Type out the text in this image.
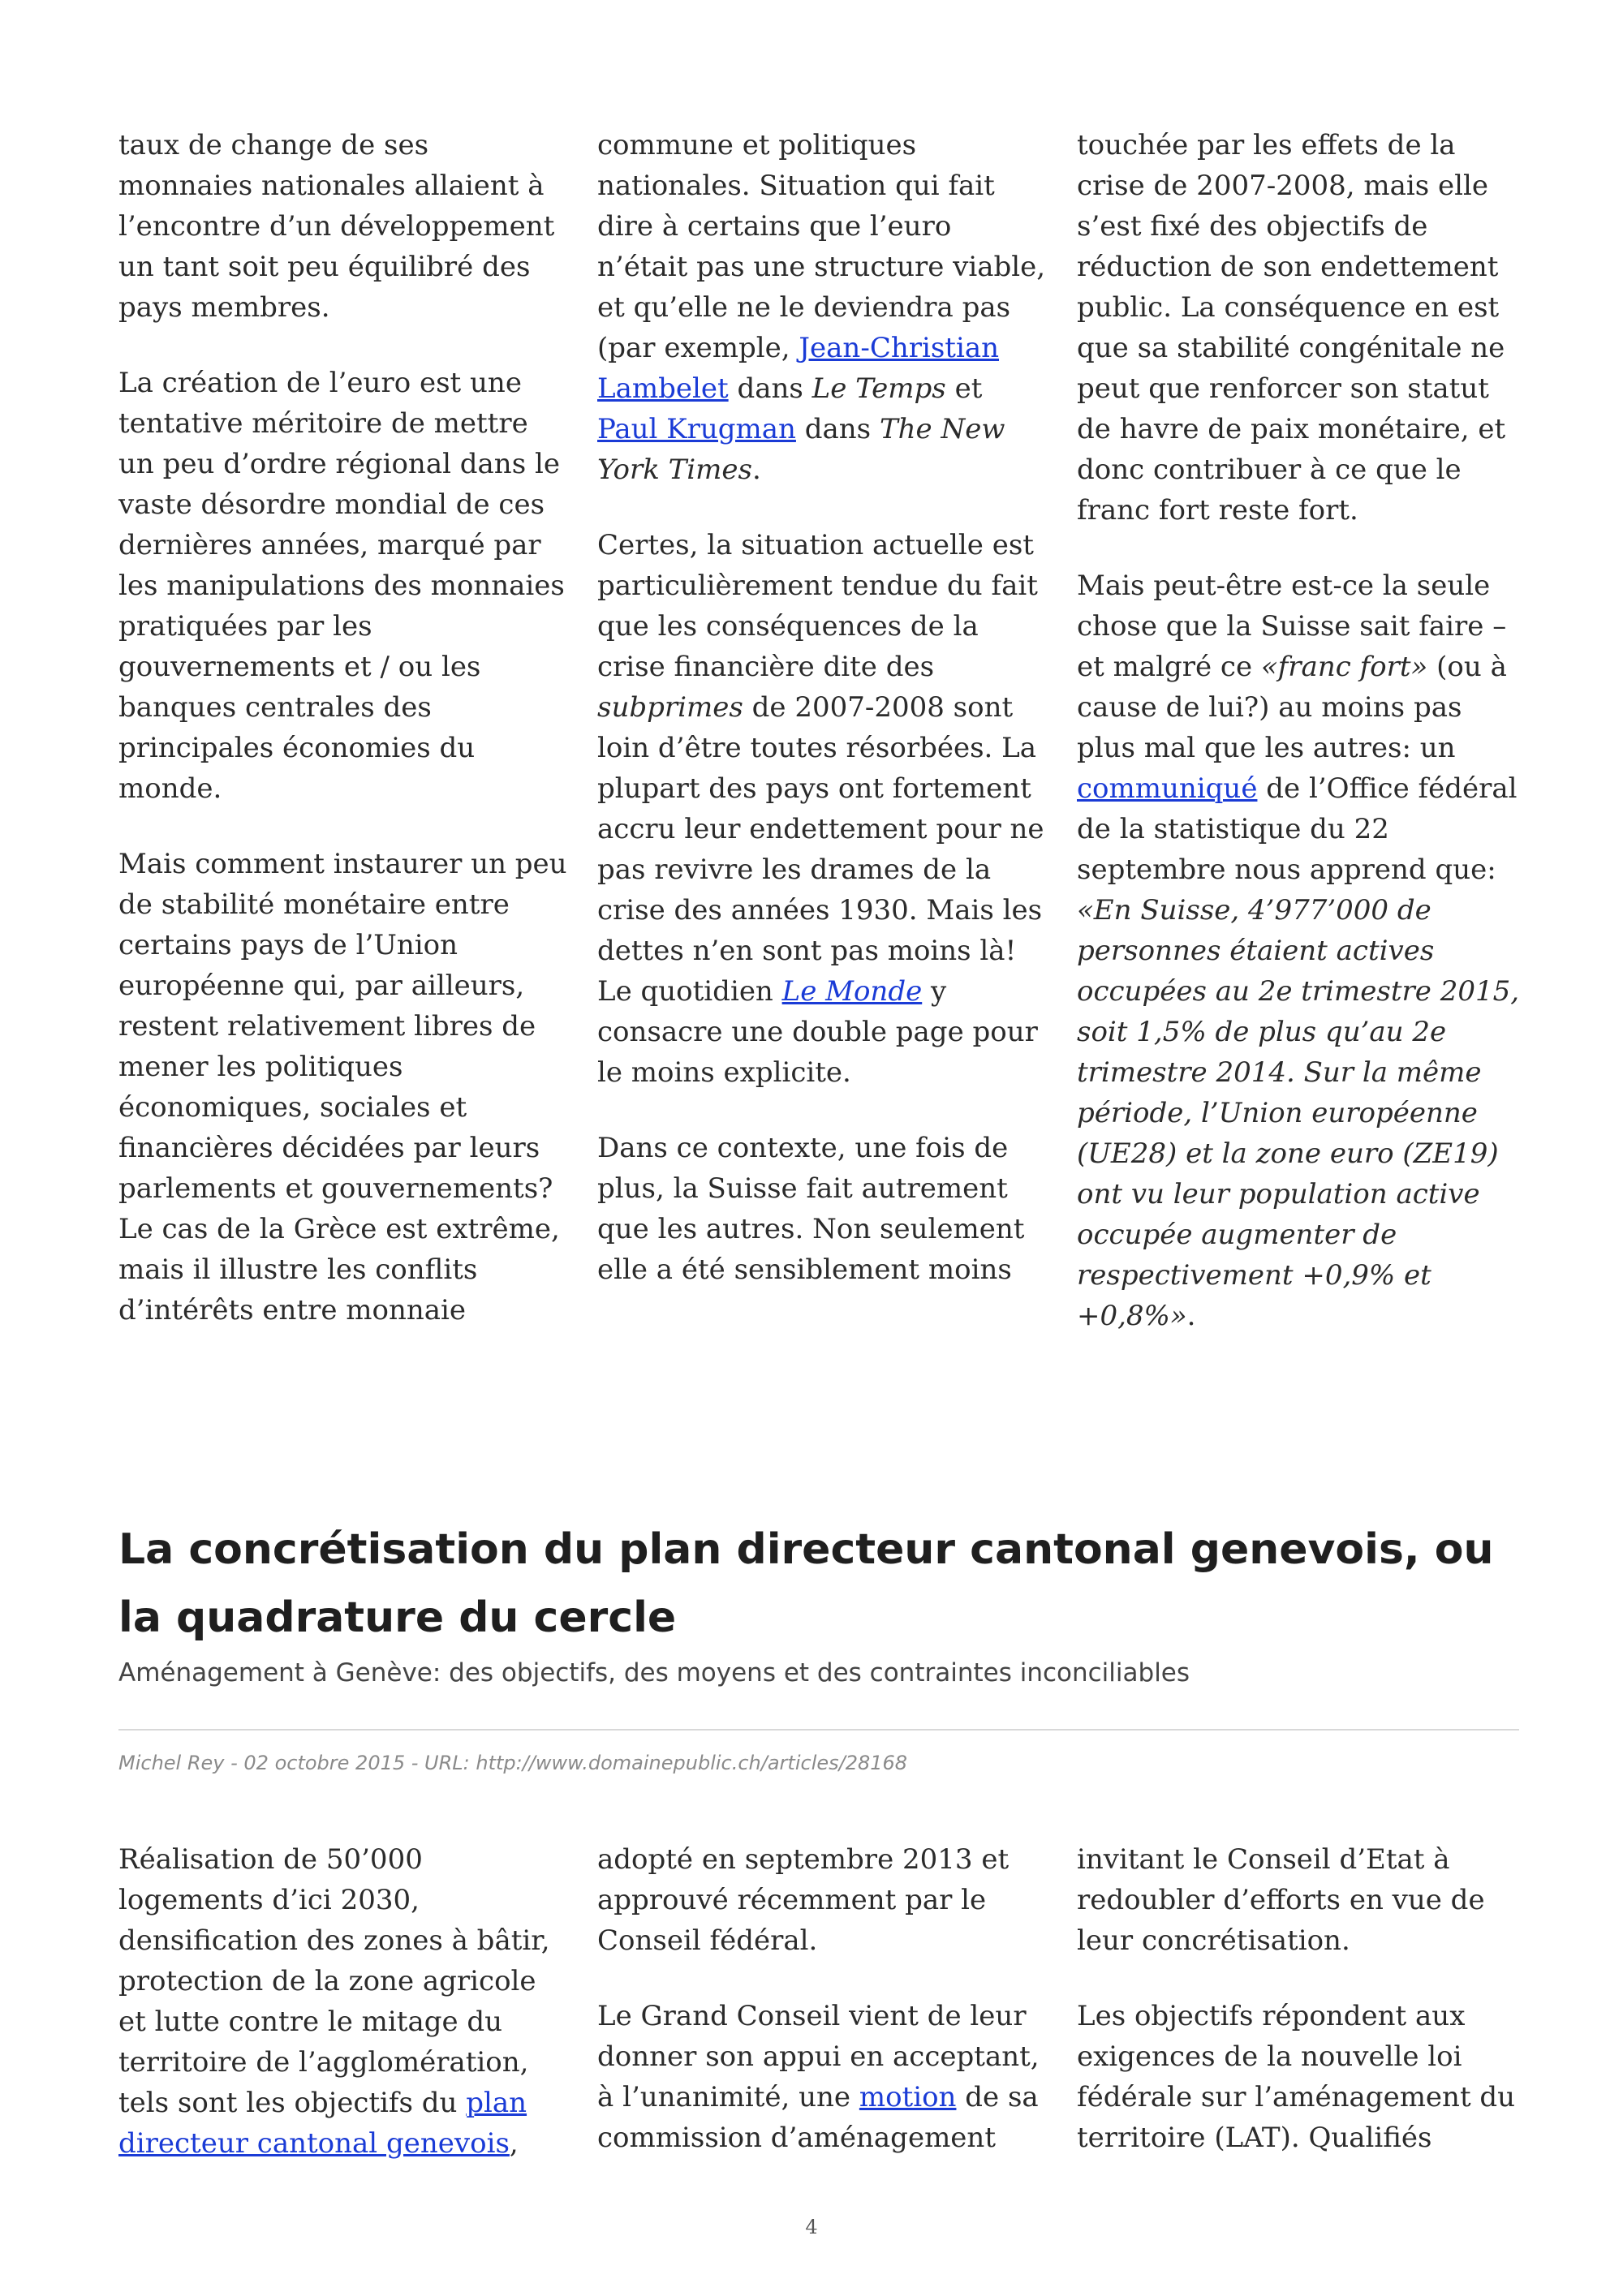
taux de change de ses monnaies nationales allaient à l’encontre d’un développement un tant soit peu équilibré des pays membres.

La création de l’euro est une tentative méritoire de mettre un peu d’ordre régional dans le vaste désordre mondial de ces dernières années, marqué par les manipulations des monnaies pratiquées par les gouvernements et / ou les banques centrales des principales économies du monde.

Mais comment instaurer un peu de stabilité monétaire entre certains pays de l’Union européenne qui, par ailleurs, restent relativement libres de mener les politiques économiques, sociales et financières décidées par leurs parlements et gouvernements? Le cas de la Grèce est extrême, mais il illustre les conflits d’intérêts entre monnaie

commune et politiques nationales. Situation qui fait dire à certains que l’euro n’était pas une structure viable, et qu’elle ne le deviendra pas (par exemple, Jean-Christian Lambelet dans Le Temps et Paul Krugman dans The New York Times.

Certes, la situation actuelle est particulièrement tendue du fait que les conséquences de la crise financière dite des subprimes de 2007-2008 sont loin d’être toutes résorbées. La plupart des pays ont fortement accru leur endettement pour ne pas revivre les drames de la crise des années 1930. Mais les dettes n’en sont pas moins là! Le quotidien Le Monde y consacre une double page pour le moins explicite.

Dans ce contexte, une fois de plus, la Suisse fait autrement que les autres. Non seulement elle a été sensiblement moins

touchée par les effets de la crise de 2007-2008, mais elle s’est fixé des objectifs de réduction de son endettement public. La conséquence en est que sa stabilité congénitale ne peut que renforcer son statut de havre de paix monétaire, et donc contribuer à ce que le franc fort reste fort.

Mais peut-être est-ce la seule chose que la Suisse sait faire – et malgré ce «franc fort» (ou à cause de lui?) au moins pas plus mal que les autres: un communiqué de l’Office fédéral de la statistique du 22 septembre nous apprend que: «En Suisse, 4’977’000 de personnes étaient actives occupées au 2e trimestre 2015, soit 1,5% de plus qu’au 2e trimestre 2014. Sur la même période, l’Union européenne (UE28) et la zone euro (ZE19) ont vu leur population active occupée augmenter de respectivement +0,9% et +0,8%».

La concrétisation du plan directeur cantonal genevois, ou la quadrature du cercle
Aménagement à Genève: des objectifs, des moyens et des contraintes inconciliables
Michel Rey - 02 octobre 2015 - URL: http://www.domainepublic.ch/articles/28168

Réalisation de 50’000 logements d’ici 2030, densification des zones à bâtir, protection de la zone agricole et lutte contre le mitage du territoire de l’agglomération, tels sont les objectifs du plan directeur cantonal genevois,

adopté en septembre 2013 et approuvé récemment par le Conseil fédéral.

Le Grand Conseil vient de leur donner son appui en acceptant, à l’unanimité, une motion de sa commission d’aménagement

invitant le Conseil d’Etat à redoubler d’efforts en vue de leur concrétisation.

Les objectifs répondent aux exigences de la nouvelle loi fédérale sur l’aménagement du territoire (LAT). Qualifiés

4
